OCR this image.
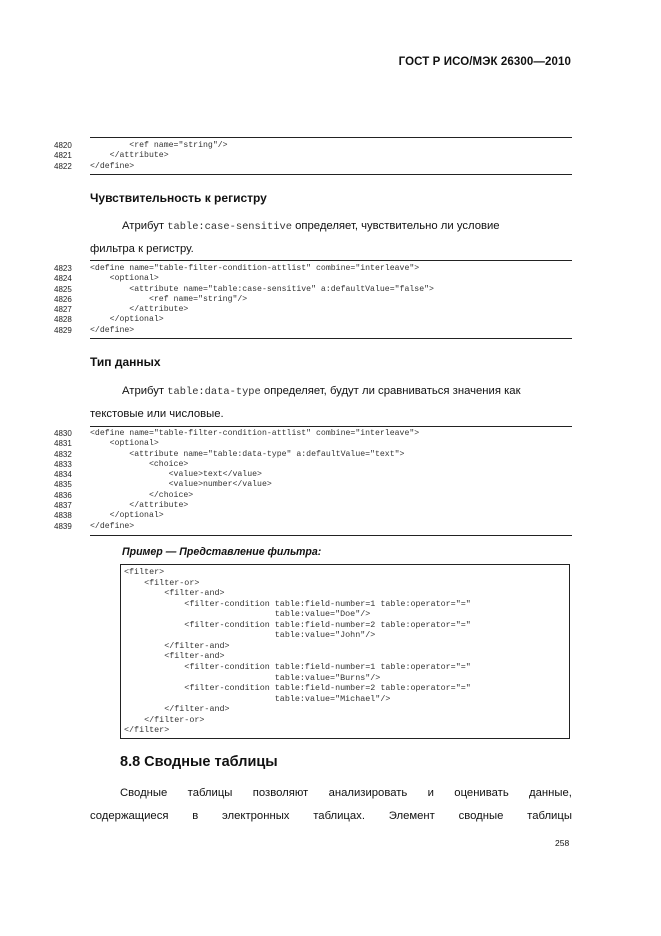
ГОСТ Р ИСО/МЭК 26300—2010
4820	<ref name="string"/>
4821	</attribute>
4822	</define>
Чувствительность к регистру
Атрибут table:case-sensitive определяет, чувствительно ли условие
фильтра к регистру.
4823	<define name="table-filter-condition-attlist" combine="interleave">
4824	<optional>
4825	<attribute name="table:case-sensitive" a:defaultValue="false">
4826	<ref name="string"/>
4827	</attribute>
4828	</optional>
4829	</define>
Тип данных
Атрибут table:data-type определяет, будут ли сравниваться значения как
текстовые или числовые.
4830	<define name="table-filter-condition-attlist" combine="interleave">
4831	<optional>
4832	<attribute name="table:data-type" a:defaultValue="text">
4833	<choice>
4834	<value>text</value>
4835	<value>number</value>
4836	</choice>
4837	</attribute>
4838	</optional>
4839	</define>
Пример — Представление фильтра:
<filter>
<filter-or>
<filter-and>
<filter-condition table:field-number=1 table:operator="="
table:value="Doe"/>
<filter-condition table:field-number=2 table:operator="="
table:value="John"/>
</filter-and>
<filter-and>
<filter-condition table:field-number=1 table:operator="="
table:value="Burns"/>
<filter-condition table:field-number=2 table:operator="="
table:value="Michael"/>
</filter-and>
</filter-or>
</filter>
8.8 Сводные таблицы
Сводные таблицы позволяют анализировать и оценивать данные,
содержащиеся в электронных таблицах. Элемент сводные таблицы
258
